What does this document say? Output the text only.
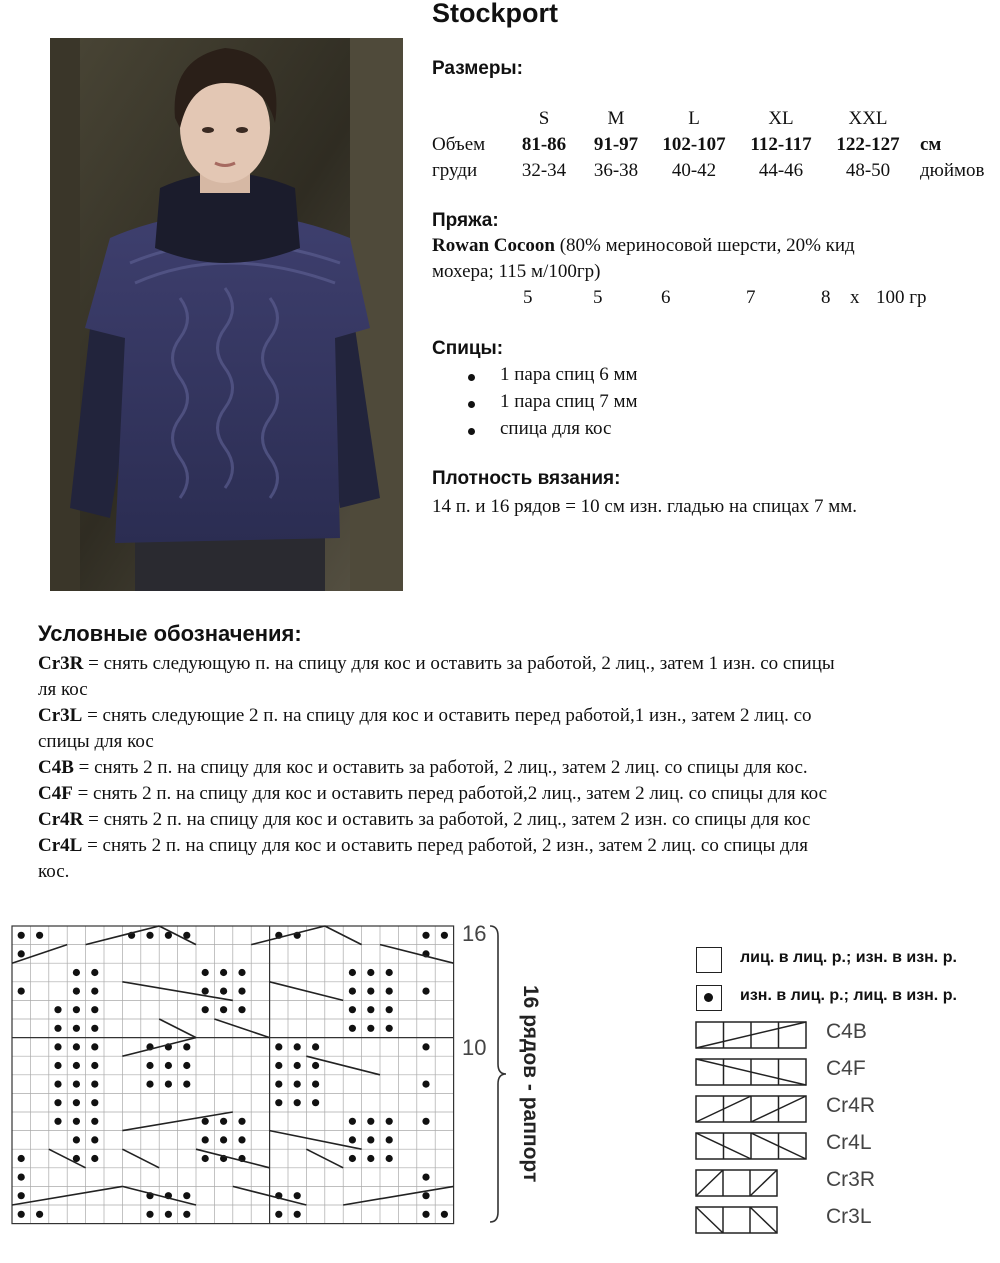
Stockport
Размеры:
	S	M	L	XL	XXL	
Объем	81-86	91-97	102-107	112-117	122-127	см
груди	32-34	36-38	40-42	44-46	48-50	дюймов
Пряжа:
Rowan Cocoon (80% мериносовой шерсти, 20% кид
мохера; 115 м/100гр)
5	5	6	7	8 x 100 гр
Спицы:
1 пара спиц 6 мм
1 пара спиц 7 мм
спица для кос
Плотность вязания:
14 п. и 16 рядов = 10 см изн. гладью на спицах 7 мм.
Условные обозначения:
Cr3R = снять следующую п. на спицу для кос и оставить за работой, 2 лиц., затем 1 изн. со спицы
ля кос
Cr3L = снять следующие 2 п. на спицу для кос и оставить перед работой,1 изн., затем 2 лиц. со
спицы для кос
C4B = снять 2 п. на спицу для кос и оставить за работой, 2 лиц., затем 2 лиц. со спицы для кос.
C4F = снять 2 п. на спицу для кос и оставить перед работой,2 лиц., затем 2 лиц. со спицы для кос
Cr4R = снять 2 п. на спицу для кос и оставить за работой, 2 лиц., затем 2 изн. со спицы для кос
Cr4L = снять 2 п. на спицу для кос и оставить перед работой, 2 изн., затем 2 лиц. со спицы для
кос.
16
10 16 рядов - раппорт
лиц. в лиц. р.; изн. в изн. р.
изн. в лиц. р.; лиц. в изн. р.
C4B
C4F
Cr4R
Cr4L
Cr3R
Cr3L
